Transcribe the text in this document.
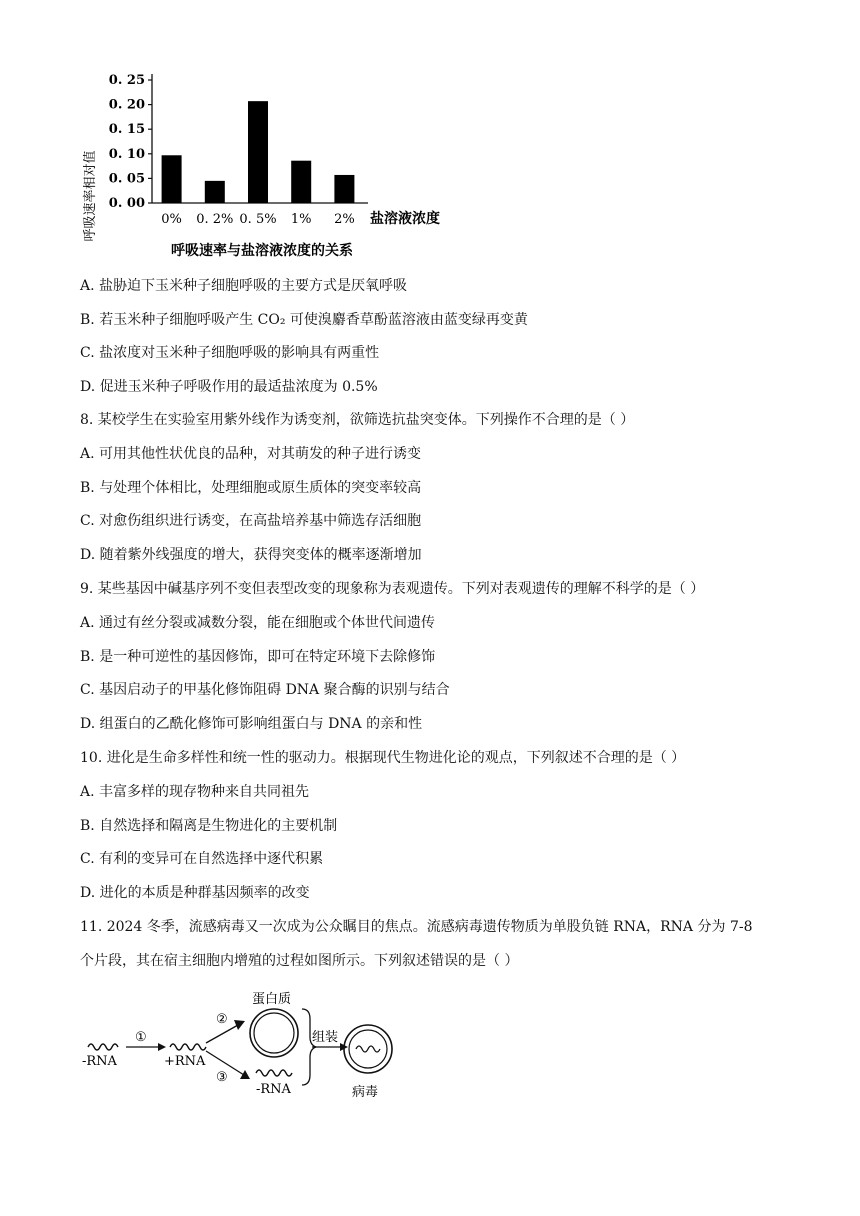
0. 00
0. 05
0. 10
0. 15
0. 20
0. 25
0% 0. 2% 0. 5% 1% 2%
呼吸速率相对值	盐溶液浓度
呼吸速率与盐溶液浓度的关系
A. 盐胁迫下玉米种子细胞呼吸的主要方式是厌氧呼吸
B. 若玉米种子细胞呼吸产生 CO₂ 可使溴麝香草酚蓝溶液由蓝变绿再变黄
C. 盐浓度对玉米种子细胞呼吸的影响具有两重性
D. 促进玉米种子呼吸作用的最适盐浓度为 0.5%
8. 某校学生在实验室用紫外线作为诱变剂，欲筛选抗盐突变体。下列操作不合理的是（ ）
A. 可用其他性状优良的品种，对其萌发的种子进行诱变
B. 与处理个体相比，处理细胞或原生质体的突变率较高
C. 对愈伤组织进行诱变，在高盐培养基中筛选存活细胞
D. 随着紫外线强度的增大，获得突变体的概率逐渐增加
9. 某些基因中碱基序列不变但表型改变的现象称为表观遗传。下列对表观遗传的理解不科学的是（ ）
A. 通过有丝分裂或减数分裂，能在细胞或个体世代间遗传
B. 是一种可逆性的基因修饰，即可在特定环境下去除修饰
C. 基因启动子的甲基化修饰阻碍 DNA 聚合酶的识别与结合
D. 组蛋白的乙酰化修饰可影响组蛋白与 DNA 的亲和性
10. 进化是生命多样性和统一性的驱动力。根据现代生物进化论的观点，下列叙述不合理的是（ ）
A. 丰富多样的现存物种来自共同祖先
B. 自然选择和隔离是生物进化的主要机制
C. 有利的变异可在自然选择中逐代积累
D. 进化的本质是种群基因频率的改变
11. 2024 冬季，流感病毒又一次成为公众瞩目的焦点。流感病毒遗传物质为单股负链 RNA，RNA 分为 7-8
个片段，其在宿主细胞内增殖的过程如图所示。下列叙述错误的是（ ）
-RNA
①
+RNA
②
③
蛋白质
-RNA
组装
病毒
